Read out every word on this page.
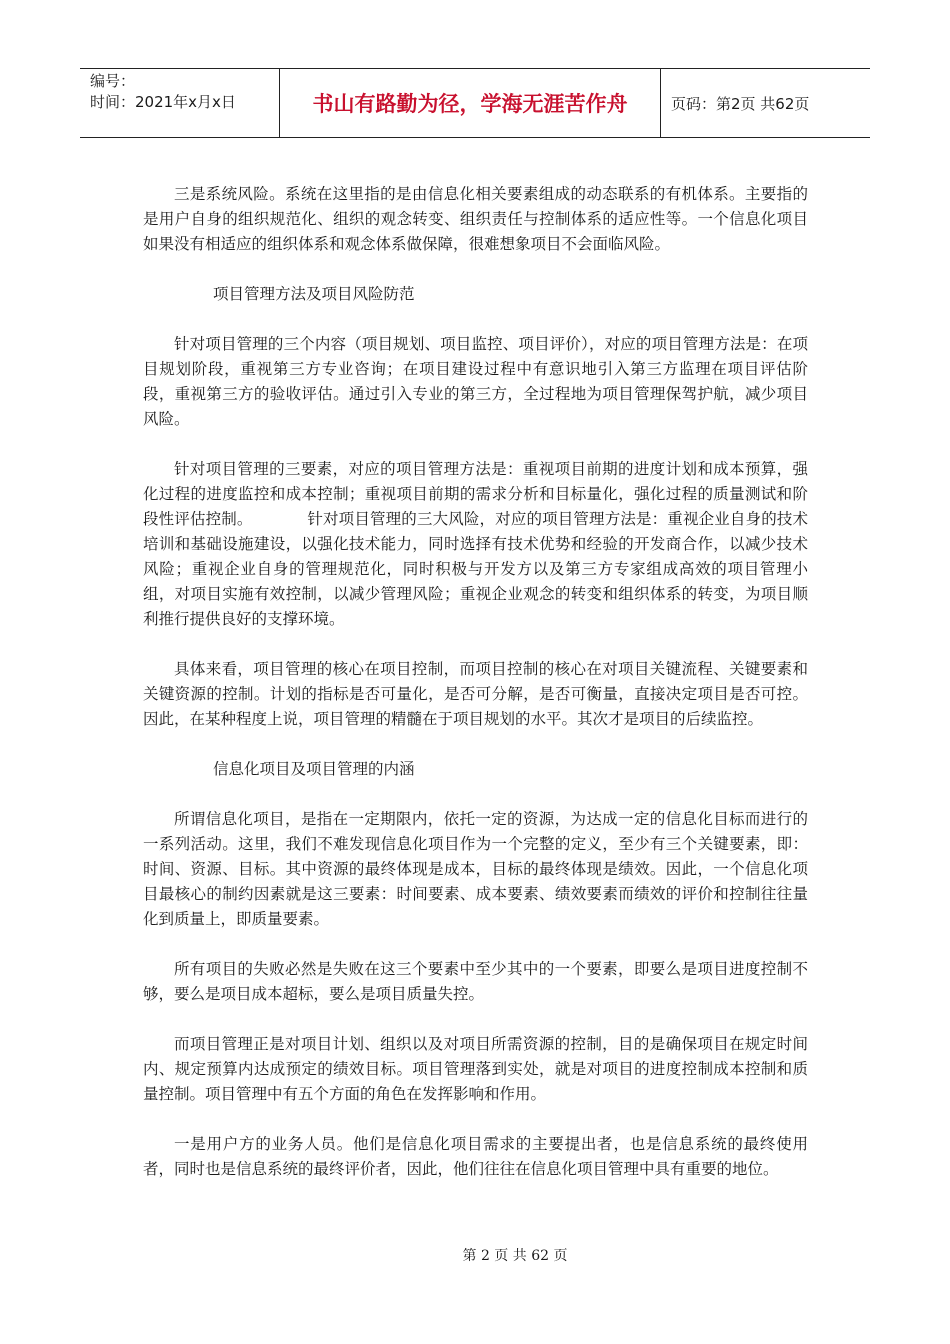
编号：
时间：2021年x月x日	书山有路勤为径，学海无涯苦作舟	页码：第2页 共62页

三是系统风险。系统在这里指的是由信息化相关要素组成的动态联系的有机体系。主要指的是用户自身的组织规范化、组织的观念转变、组织责任与控制体系的适应性等。一个信息化项目如果没有相适应的组织体系和观念体系做保障，很难想象项目不会面临风险。

项目管理方法及项目风险防范

针对项目管理的三个内容（项目规划、项目监控、项目评价），对应的项目管理方法是：在项目规划阶段，重视第三方专业咨询；在项目建设过程中有意识地引入第三方监理在项目评估阶段，重视第三方的验收评估。通过引入专业的第三方，全过程地为项目管理保驾护航，减少项目风险。

针对项目管理的三要素，对应的项目管理方法是：重视项目前期的进度计划和成本预算，强化过程的进度监控和成本控制；重视项目前期的需求分析和目标量化，强化过程的质量测试和阶段性评估控制。　　　　针对项目管理的三大风险，对应的项目管理方法是：重视企业自身的技术培训和基础设施建设，以强化技术能力，同时选择有技术优势和经验的开发商合作，以减少技术风险；重视企业自身的管理规范化，同时积极与开发方以及第三方专家组成高效的项目管理小组，对项目实施有效控制，以减少管理风险；重视企业观念的转变和组织体系的转变，为项目顺利推行提供良好的支撑环境。

具体来看，项目管理的核心在项目控制，而项目控制的核心在对项目关键流程、关键要素和关键资源的控制。计划的指标是否可量化，是否可分解，是否可衡量，直接决定项目是否可控。因此，在某种程度上说，项目管理的精髓在于项目规划的水平。其次才是项目的后续监控。

信息化项目及项目管理的内涵

所谓信息化项目，是指在一定期限内，依托一定的资源，为达成一定的信息化目标而进行的一系列活动。这里，我们不难发现信息化项目作为一个完整的定义，至少有三个关键要素，即：时间、资源、目标。其中资源的最终体现是成本，目标的最终体现是绩效。因此，一个信息化项目最核心的制约因素就是这三要素：时间要素、成本要素、绩效要素而绩效的评价和控制往往量化到质量上，即质量要素。

所有项目的失败必然是失败在这三个要素中至少其中的一个要素，即要么是项目进度控制不够，要么是项目成本超标，要么是项目质量失控。

而项目管理正是对项目计划、组织以及对项目所需资源的控制，目的是确保项目在规定时间内、规定预算内达成预定的绩效目标。项目管理落到实处，就是对项目的进度控制成本控制和质量控制。项目管理中有五个方面的角色在发挥影响和作用。

一是用户方的业务人员。他们是信息化项目需求的主要提出者，也是信息系统的最终使用者，同时也是信息系统的最终评价者，因此，他们往往在信息化项目管理中具有重要的地位。

第 2 页 共 62 页
